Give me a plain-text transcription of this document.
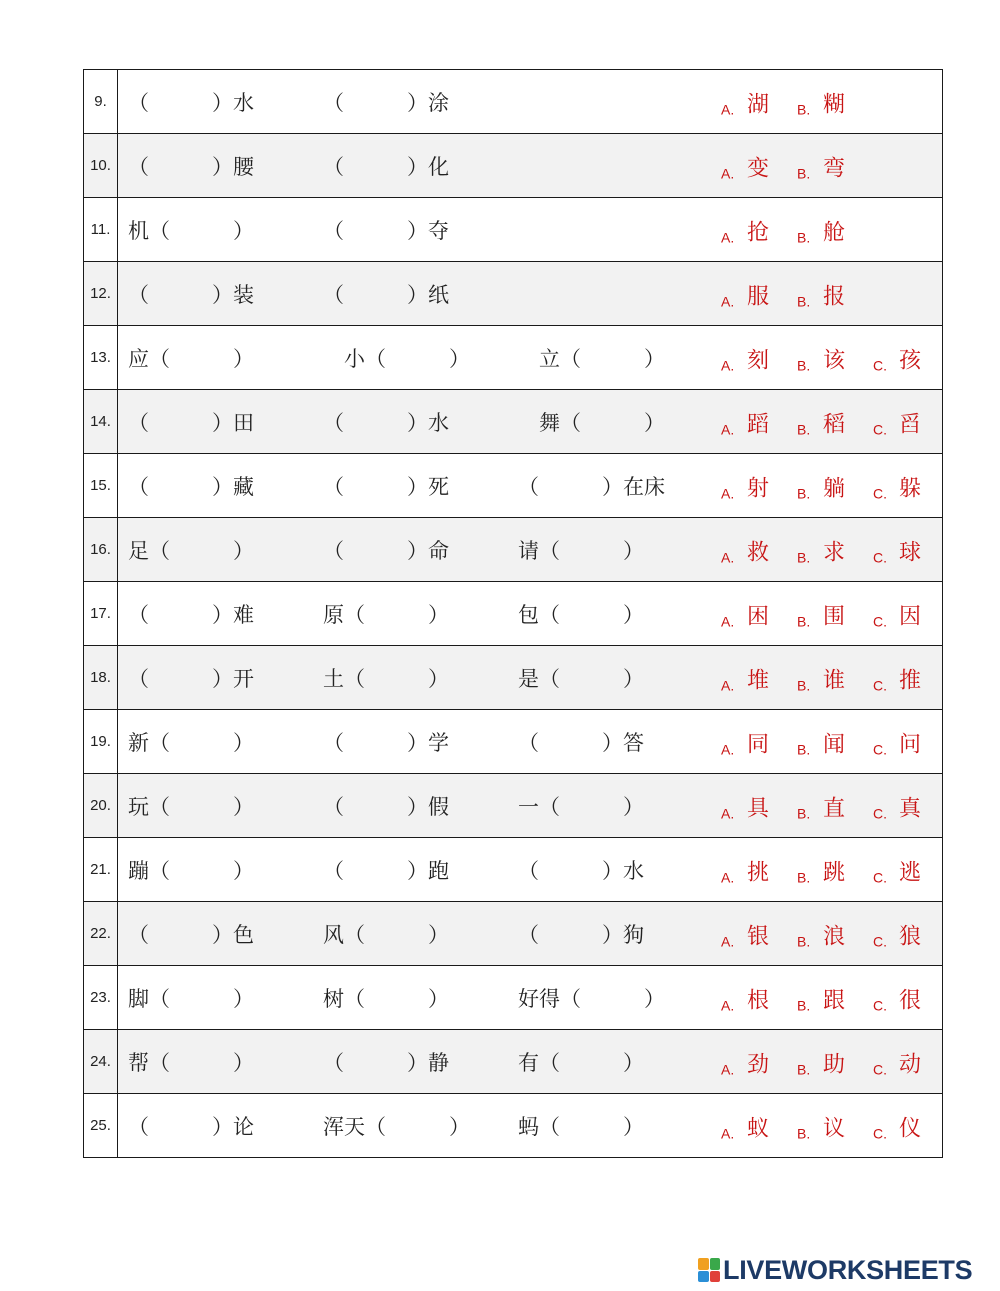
9.	（　　　）水 （　　　）涂 A. 湖 B. 糊

10.	（　　　）腰 （　　　）化 A. 变 B. 弯

11.	机（　　　） （　　　）夺 A. 抢 B. 舱

12.	（　　　）装 （　　　）纸 A. 服 B. 报

13.	应（　　　） 　小（　　　） 　立（　　　） A. 刻 B. 该 C. 孩

14.	（　　　）田 （　　　）水 　舞（　　　） A. 蹈 B. 稻 C. 舀

15.	（　　　）藏 （　　　）死 （　　　）在床 A. 射 B. 躺 C. 躲

16.	足（　　　） （　　　）命 请（　　　） A. 救 B. 求 C. 球

17.	（　　　）难 原（　　　） 包（　　　） A. 困 B. 围 C. 因

18.	（　　　）开 土（　　　） 是（　　　） A. 堆 B. 谁 C. 推

19.	新（　　　） （　　　）学 （　　　）答 A. 同 B. 闻 C. 问

20.	玩（　　　） （　　　）假 一（　　　） A. 具 B. 直 C. 真

21.	蹦（　　　） （　　　）跑 （　　　）水 A. 挑 B. 跳 C. 逃

22.	（　　　）色 风（　　　） （　　　）狗 A. 银 B. 浪 C. 狼

23.	脚（　　　） 树（　　　） 好得（　　　） A. 根 B. 跟 C. 很

24.	帮（　　　） （　　　）静 有（　　　） A. 劲 B. 助 C. 动

25.	（　　　）论 浑天（　　　） 蚂（　　　） A. 蚁 B. 议 C. 仪
LIVEWORKSHEETS
